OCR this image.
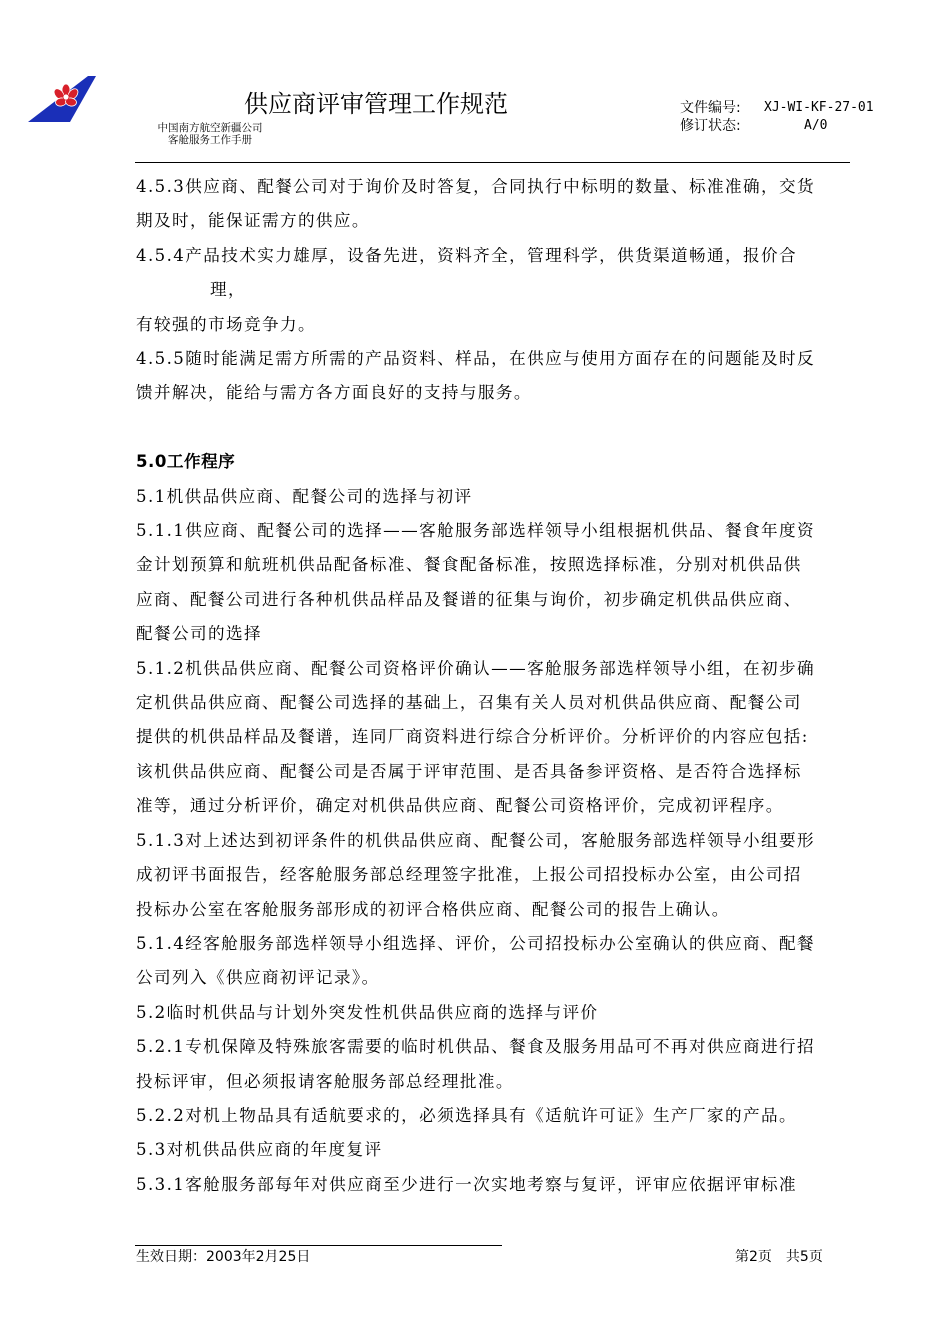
供应商评审管理工作规范
中国南方航空新疆公司
客舱服务工作手册
文件编号:	XJ-WI-KF-27-01
修订状态:	A/0

4.5.3供应商、配餐公司对于询价及时答复，合同执行中标明的数量、标准准确，交货

期及时，能保证需方的供应。

4.5.4产品技术实力雄厚，设备先进，资料齐全，管理科学，供货渠道畅通，报价合

理，

有较强的市场竞争力。

4.5.5随时能满足需方所需的产品资料、样品，在供应与使用方面存在的问题能及时反

馈并解决，能给与需方各方面良好的支持与服务。

5.0工作程序

5.1机供品供应商、配餐公司的选择与初评

5.1.1供应商、配餐公司的选择——客舱服务部选样领导小组根据机供品、餐食年度资

金计划预算和航班机供品配备标准、餐食配备标准，按照选择标准，分别对机供品供

应商、配餐公司进行各种机供品样品及餐谱的征集与询价，初步确定机供品供应商、

配餐公司的选择

5.1.2机供品供应商、配餐公司资格评价确认——客舱服务部选样领导小组，在初步确

定机供品供应商、配餐公司选择的基础上，召集有关人员对机供品供应商、配餐公司

提供的机供品样品及餐谱，连同厂商资料进行综合分析评价。分析评价的内容应包括:

该机供品供应商、配餐公司是否属于评审范围、是否具备参评资格、是否符合选择标

准等，通过分析评价，确定对机供品供应商、配餐公司资格评价，完成初评程序。

5.1.3对上述达到初评条件的机供品供应商、配餐公司，客舱服务部选样领导小组要形

成初评书面报告，经客舱服务部总经理签字批准，上报公司招投标办公室，由公司招

投标办公室在客舱服务部形成的初评合格供应商、配餐公司的报告上确认。

5.1.4经客舱服务部选样领导小组选择、评价，公司招投标办公室确认的供应商、配餐

公司列入《供应商初评记录》。

5.2临时机供品与计划外突发性机供品供应商的选择与评价

5.2.1专机保障及特殊旅客需要的临时机供品、餐食及服务用品可不再对供应商进行招

投标评审，但必须报请客舱服务部总经理批准。

5.2.2对机上物品具有适航要求的，必须选择具有《适航许可证》生产厂家的产品。

5.3对机供品供应商的年度复评

5.3.1客舱服务部每年对供应商至少进行一次实地考察与复评，评审应依据评审标准

生效日期：2003年2月25日	第2页 共5页
